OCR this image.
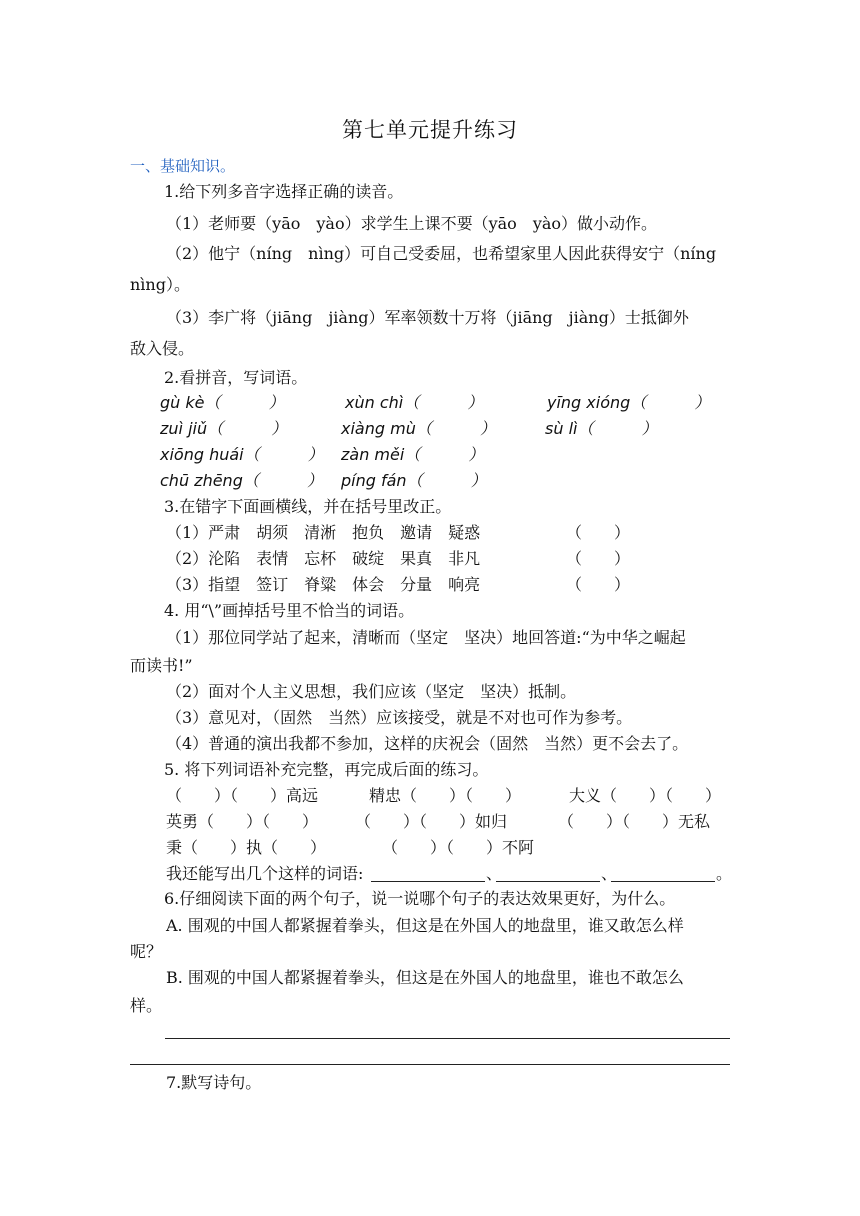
第七单元提升练习
一、基础知识。
1.给下列多音字选择正确的读音。
（1）老师要（yāo　yào）求学生上课不要（yāo　yào）做小动作。
（2）他宁（níng　nìng）可自己受委屈，也希望家里人因此获得安宁（níng
nìng）。
（3）李广将（jiāng　jiàng）军率领数十万将（jiāng　jiàng）士抵御外
敌入侵。
2.看拼音，写词语。
gù kè（　　　）	xùn chì（　　　）	yīng xióng（　　　）
zuì jiǔ（　　　）	xiàng mù（　　　）	sù lì（　　　）
xiōng huái（　　　） zàn měi（　　　）
chū zhēng（　　　） píng fán（　　　）
3.在错字下面画横线，并在括号里改正。
（1）严肃　胡须　清淅　抱负　邀请　疑惑	（　　）
（2）沦陷　表情　忘杯　破绽　果真　非凡	（　　）
（3）指望　签订　脊粱　体会　分量　响亮	（　　）
4. 用“\”画掉括号里不恰当的词语。
（1）那位同学站了起来，清晰而（坚定　坚决）地回答道:“为中华之崛起
而读书!”
（2）面对个人主义思想，我们应该（坚定　坚决）抵制。
（3）意见对，（固然　当然）应该接受，就是不对也可作为参考。
（4）普通的演出我都不参加，这样的庆祝会（固然　当然）更不会去了。
5. 将下列词语补充完整，再完成后面的练习。
（　　）（　　）高远	精忠（　　）（　　）	大义（　　）（　　）
英勇（　　）（　　） （　　）（　　）如归	（　　）（　　）无私
秉（　　）执（　　）	（　　）（　　）不阿
我还能写出几个这样的词语:	、	、	。
6.仔细阅读下面的两个句子，说一说哪个句子的表达效果更好，为什么。
A. 围观的中国人都紧握着拳头，但这是在外国人的地盘里，谁又敢怎么样
呢？
B. 围观的中国人都紧握着拳头，但这是在外国人的地盘里，谁也不敢怎么
样。
7.默写诗句。
